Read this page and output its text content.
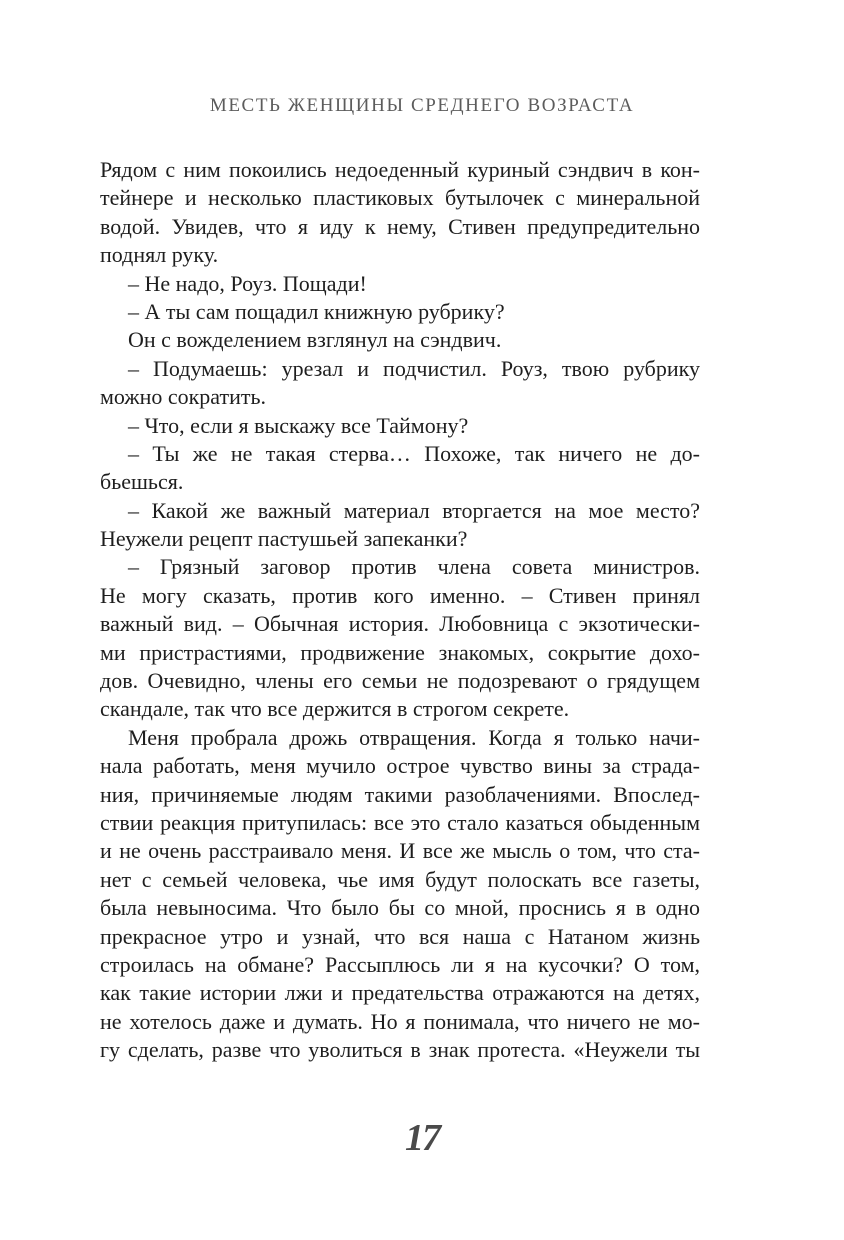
МЕСТЬ ЖЕНЩИНЫ СРЕДНЕГО ВОЗРАСТА
Рядом с ним покоились недоеденный куриный сэндвич в кон-
тейнере и несколько пластиковых бутылочек с минеральной
водой. Увидев, что я иду к нему, Стивен предупредительно
поднял руку.
– Не надо, Роуз. Пощади!
– А ты сам пощадил книжную рубрику?
Он с вожделением взглянул на сэндвич.
– Подумаешь: урезал и подчистил. Роуз, твою рубрику
можно сократить.
– Что, если я выскажу все Таймону?
– Ты же не такая стерва… Похоже, так ничего не до-
бьешься.
– Какой же важный материал вторгается на мое место?
Неужели рецепт пастушьей запеканки?
– Грязный заговор против члена совета министров.
Не могу сказать, против кого именно. – Стивен принял
важный вид. – Обычная история. Любовница с экзотически-
ми пристрастиями, продвижение знакомых, сокрытие дохо-
дов. Очевидно, члены его семьи не подозревают о грядущем
скандале, так что все держится в строгом секрете.
Меня пробрала дрожь отвращения. Когда я только начи-
нала работать, меня мучило острое чувство вины за страда-
ния, причиняемые людям такими разоблачениями. Впослед-
ствии реакция притупилась: все это стало казаться обыденным
и не очень расстраивало меня. И все же мысль о том, что ста-
нет с семьей человека, чье имя будут полоскать все газеты,
была невыносима. Что было бы со мной, проснись я в одно
прекрасное утро и узнай, что вся наша с Натаном жизнь
строилась на обмане? Рассыплюсь ли я на кусочки? О том,
как такие истории лжи и предательства отражаются на детях,
не хотелось даже и думать. Но я понимала, что ничего не мо-
гу сделать, разве что уволиться в знак протеста. «Неужели ты
17
